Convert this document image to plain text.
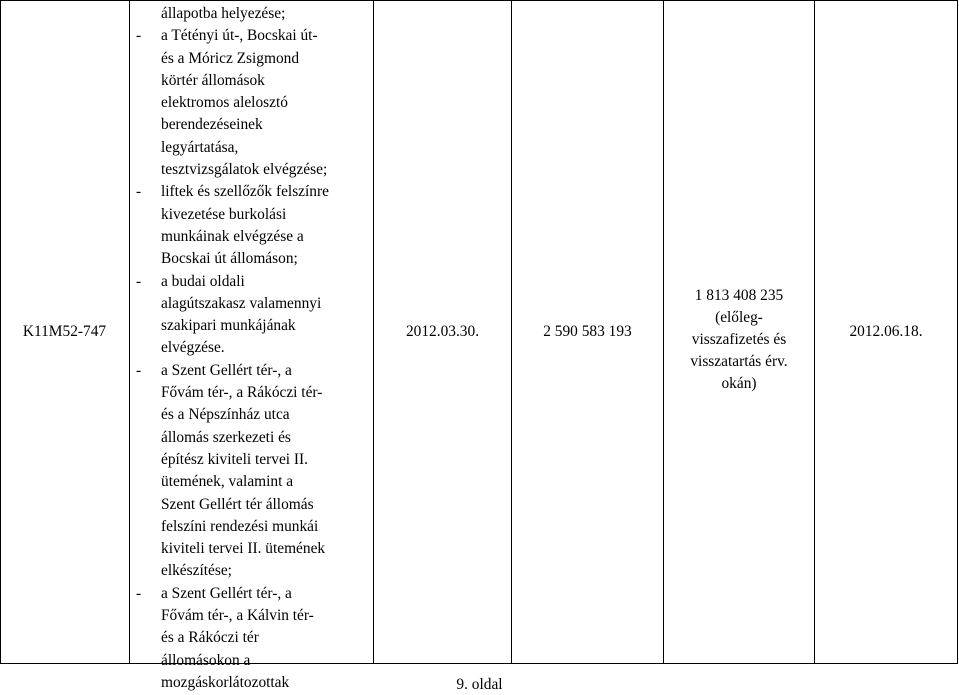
K11M52-747
állapotba helyezése;
- a Tétényi út-, Bocskai út-
és a Móricz Zsigmond
körtér állomások
elektromos alelosztó
berendezéseinek
legyártatása,
tesztvizsgálatok elvégzése;
- liftek és szellőzők felszínre
kivezetése burkolási
munkáinak elvégzése a
Bocskai út állomáson;
- a budai oldali
alagútszakasz valamennyi
szakipari munkájának
elvégzése.
- a Szent Gellért tér-, a
Fővám tér-, a Rákóczi tér-
és a Népszínház utca
állomás szerkezeti és
építész kiviteli tervei II.
ütemének, valamint a
Szent Gellért tér állomás
felszíni rendezési munkái
kiviteli tervei II. ütemének
elkészítése;
- a Szent Gellért tér-, a
Fővám tér-, a Kálvin tér-
és a Rákóczi tér
állomásokon a
mozgáskorlátozottak
2012.03.30.	2 590 583 193
1 813 408 235
(előleg-
visszafizetés és
visszatartás érv.
okán)
2012.06.18.
9. oldal
